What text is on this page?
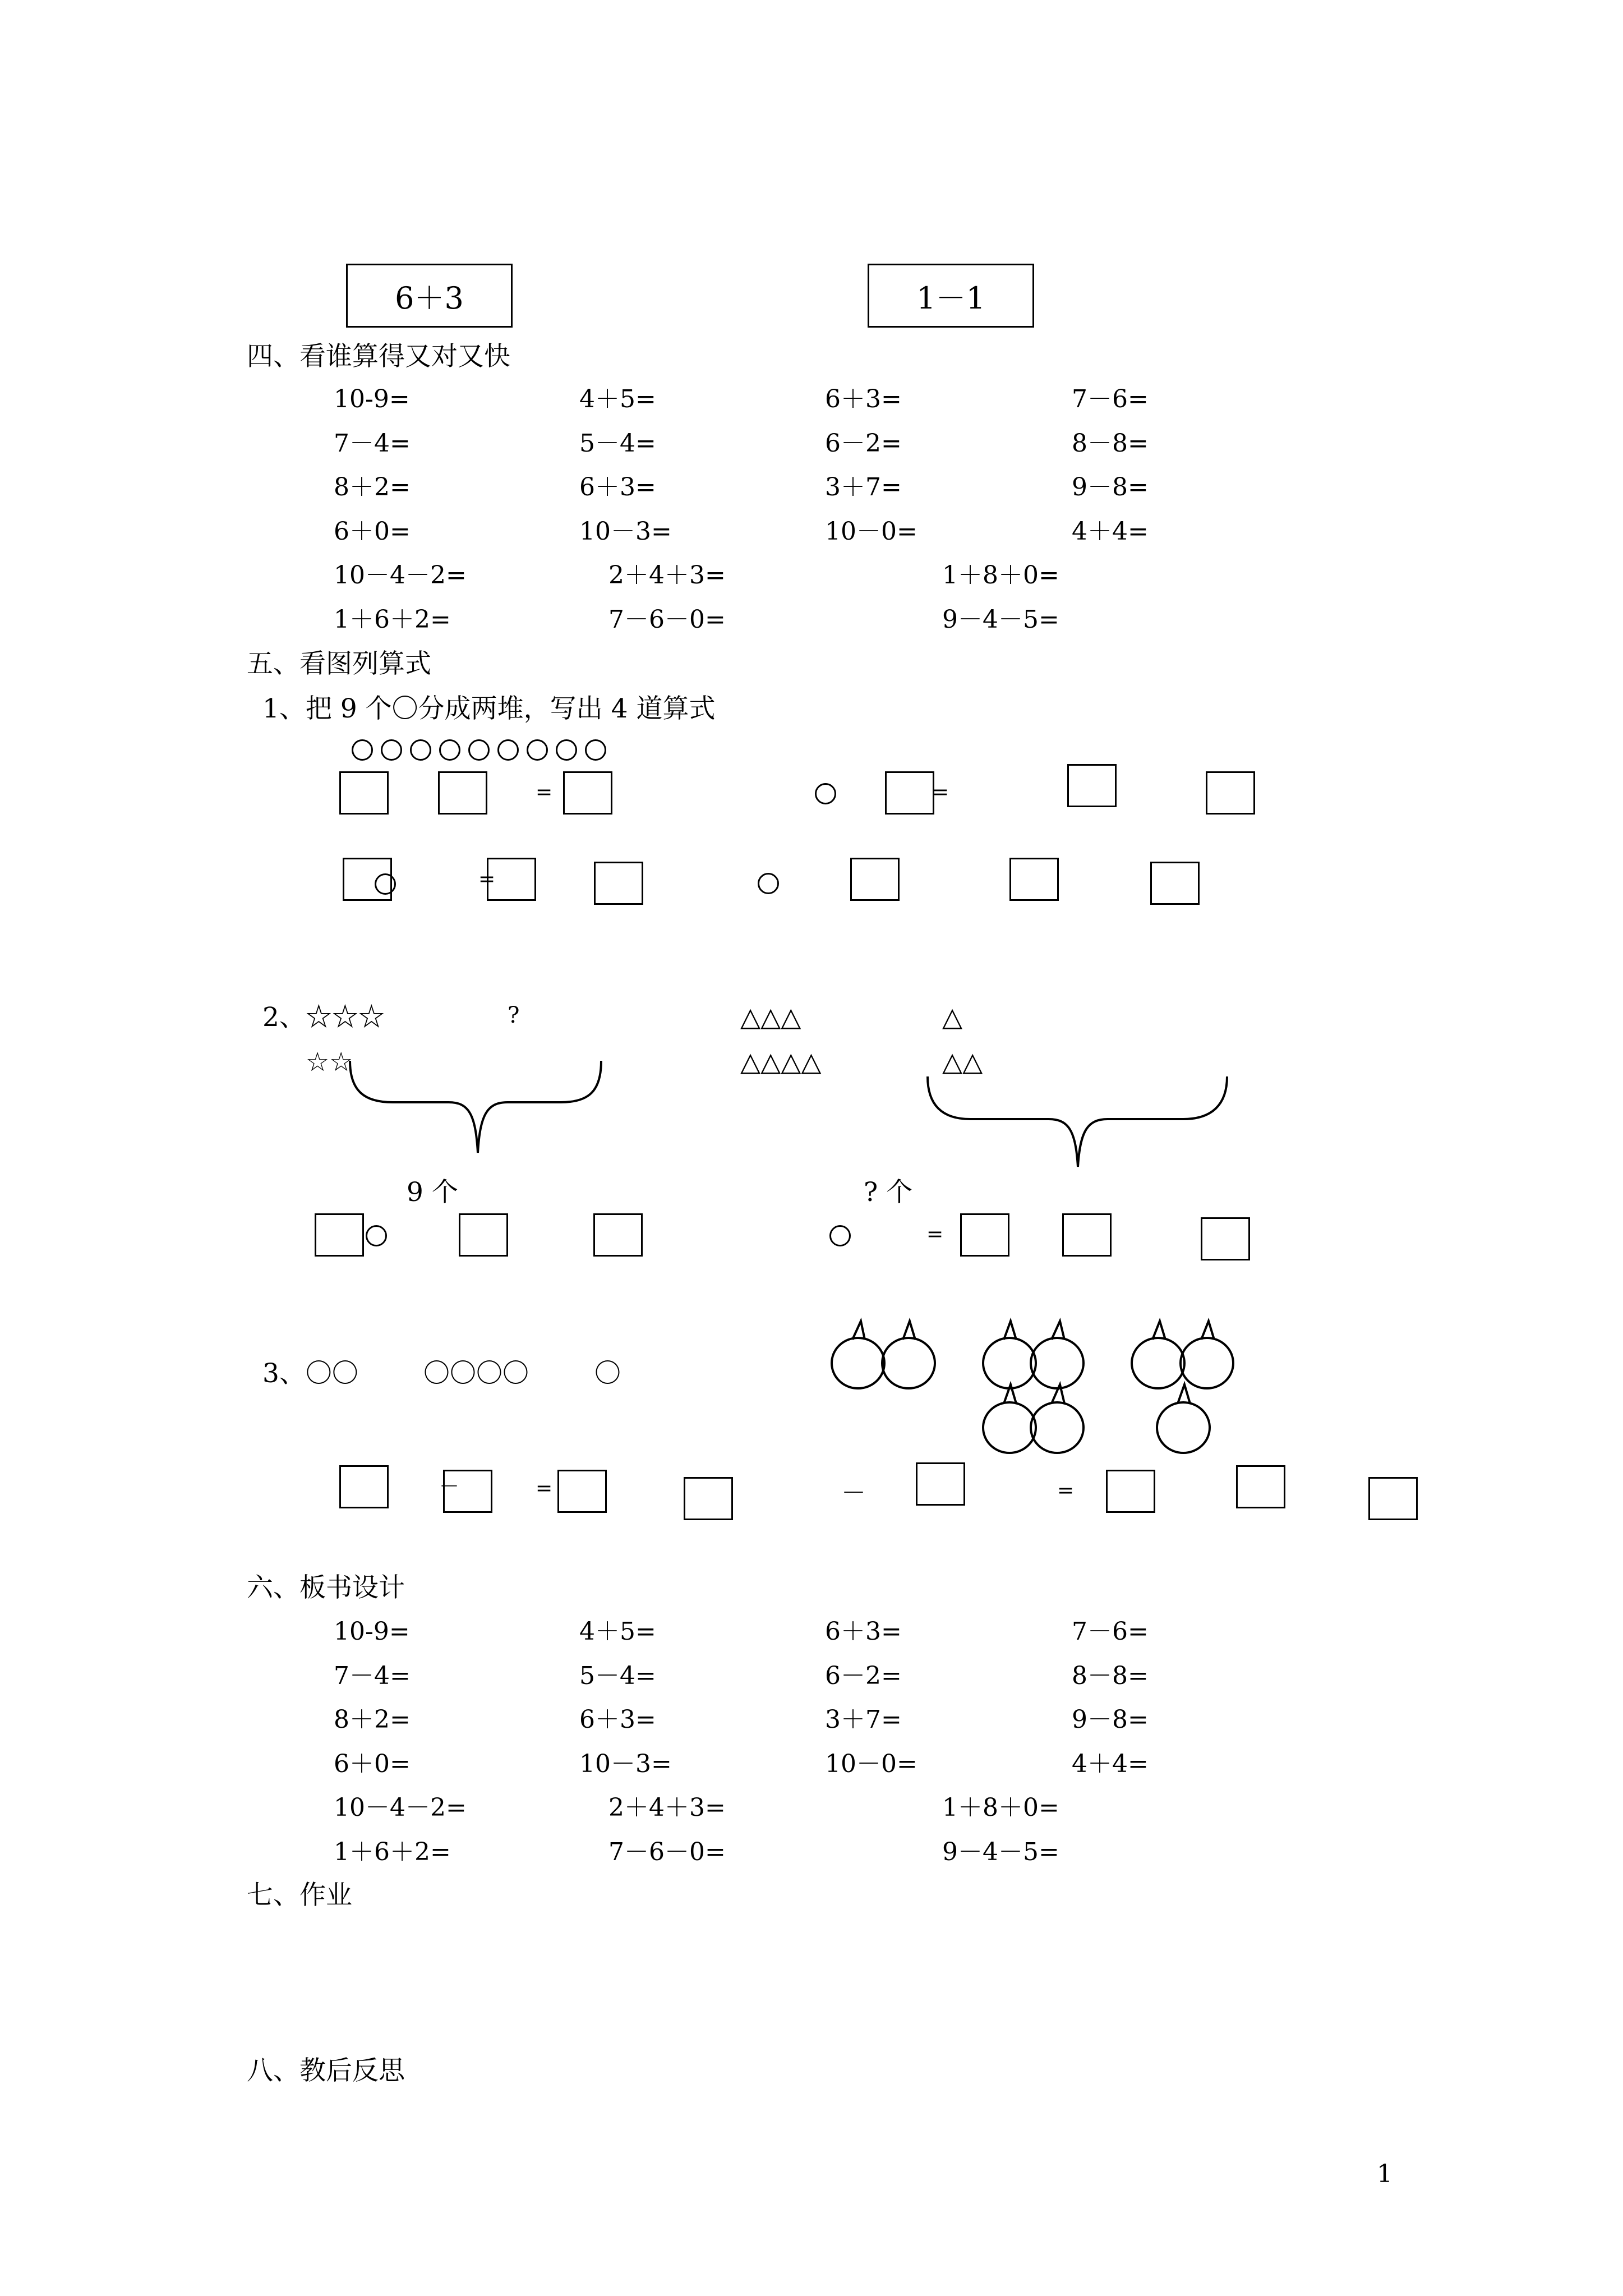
6＋3	1－1
四、看谁算得又对又快
10-9=	4＋5=	6＋3=	7－6=
7－4=	5－4=	6－2=	8－8=
8＋2=	6＋3=	3＋7=	9－8=
6＋0=	10－3=	10－0=	4＋4=
10－4－2=	2＋4＋3=	1＋8＋0=
1＋6＋2=	7－6－0=	9－4－5=
五、看图列算式
1、把 9 个〇分成两堆，写出 4 道算式
=	=
=
2、☆☆☆	?
☆☆
△△△	△
△△△△	△△
9 个	? 个
=
3、〇〇 〇〇〇〇 〇
－	=	－	=
六、板书设计
10-9=	4＋5=	6＋3=	7－6=
7－4=	5－4=	6－2=	8－8=
8＋2=	6＋3=	3＋7=	9－8=
6＋0=	10－3=	10－0=	4＋4=
10－4－2=	2＋4＋3=	1＋8＋0=
1＋6＋2=	7－6－0=	9－4－5=
七、作业
八、教后反思
1
